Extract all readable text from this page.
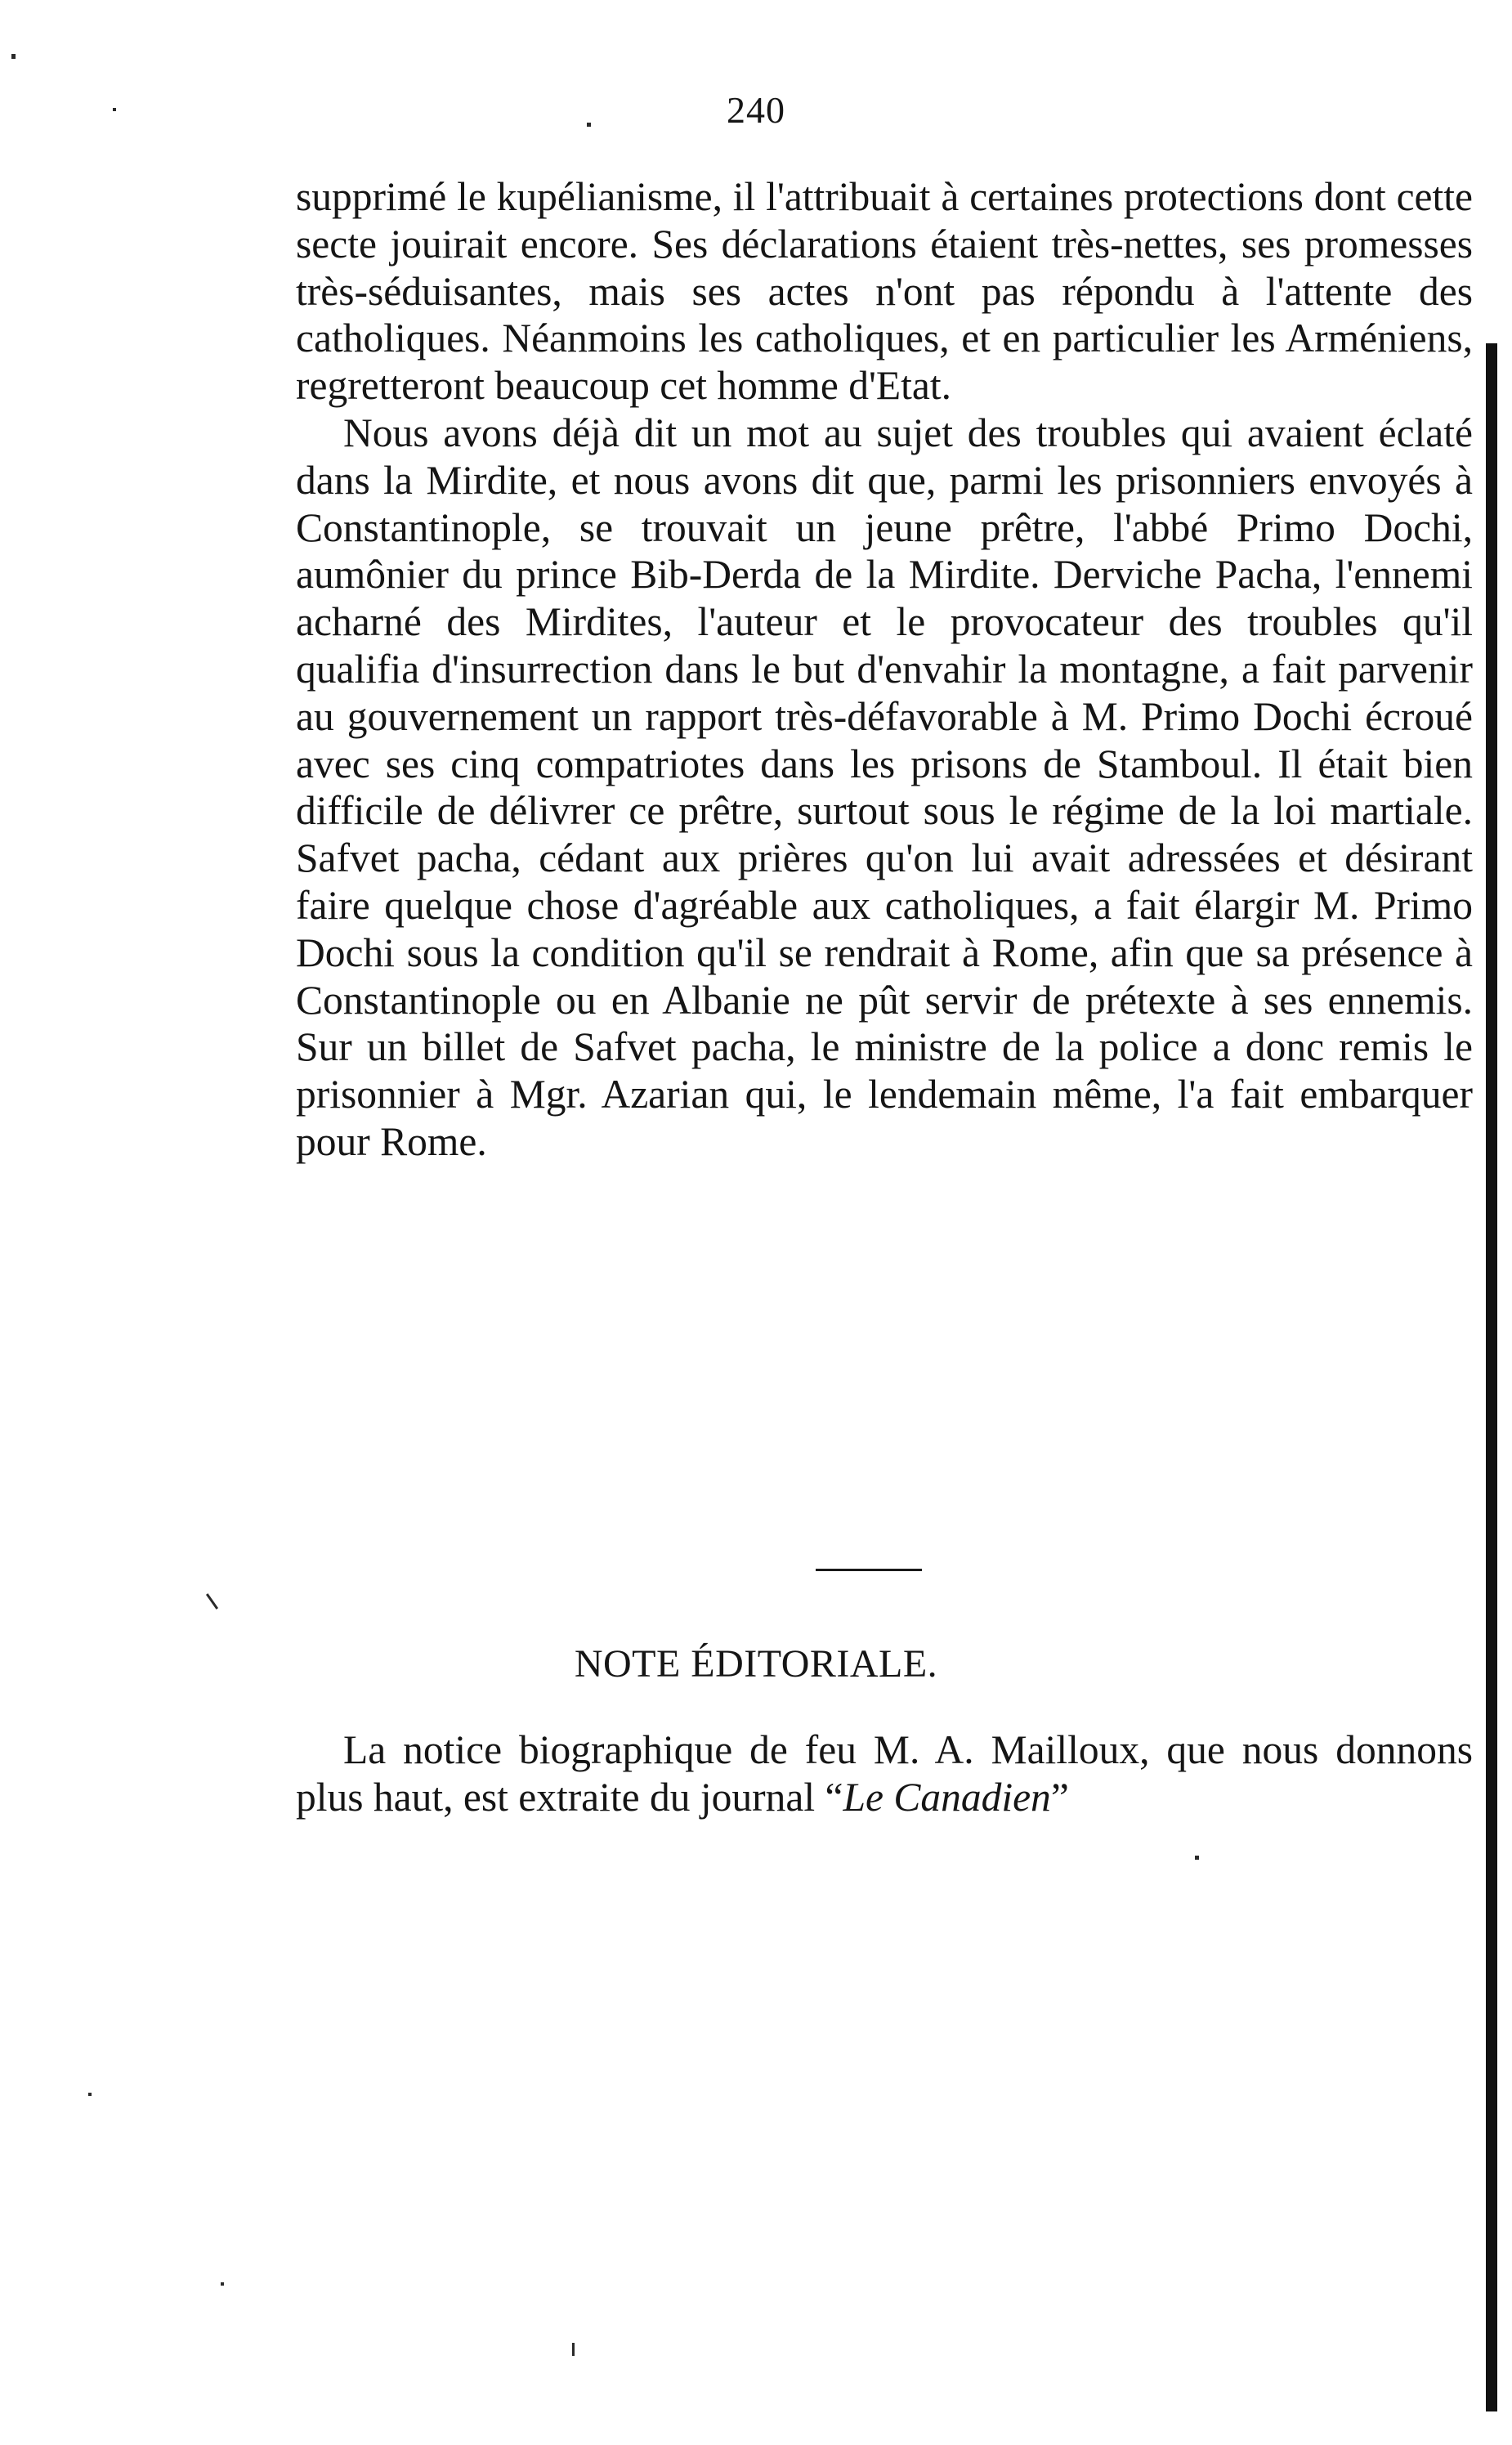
240

supprimé le kupélianisme, il l'attribuait à certaines protections dont cette secte jouirait encore. Ses déclarations étaient très-nettes, ses promesses très-séduisantes, mais ses actes n'ont pas répondu à l'attente des catholiques. Néanmoins les catholiques, et en particulier les Arméniens, regretteront beaucoup cet homme d'Etat.

Nous avons déjà dit un mot au sujet des troubles qui avaient éclaté dans la Mirdite, et nous avons dit que, parmi les prisonniers envoyés à Constantinople, se trouvait un jeune prêtre, l'abbé Primo Dochi, aumônier du prince Bib-Derda de la Mirdite. Derviche Pacha, l'ennemi acharné des Mirdites, l'auteur et le provocateur des troubles qu'il qualifia d'insurrection dans le but d'envahir la montagne, a fait parvenir au gouvernement un rapport très-défavorable à M. Primo Dochi écroué avec ses cinq compatriotes dans les prisons de Stamboul. Il était bien difficile de délivrer ce prêtre, surtout sous le régime de la loi martiale. Safvet pacha, cédant aux prières qu'on lui avait adressées et désirant faire quelque chose d'agréable aux catholiques, a fait élargir M. Primo Dochi sous la condition qu'il se rendrait à Rome, afin que sa présence à Constantinople ou en Albanie ne pût servir de prétexte à ses ennemis. Sur un billet de Safvet pacha, le ministre de la police a donc remis le prisonnier à Mgr. Azarian qui, le lendemain même, l'a fait embarquer pour Rome.

NOTE ÉDITORIALE.

La notice biographique de feu M. A. Mailloux, que nous donnons plus haut, est extraite du journal “Le Canadien”
